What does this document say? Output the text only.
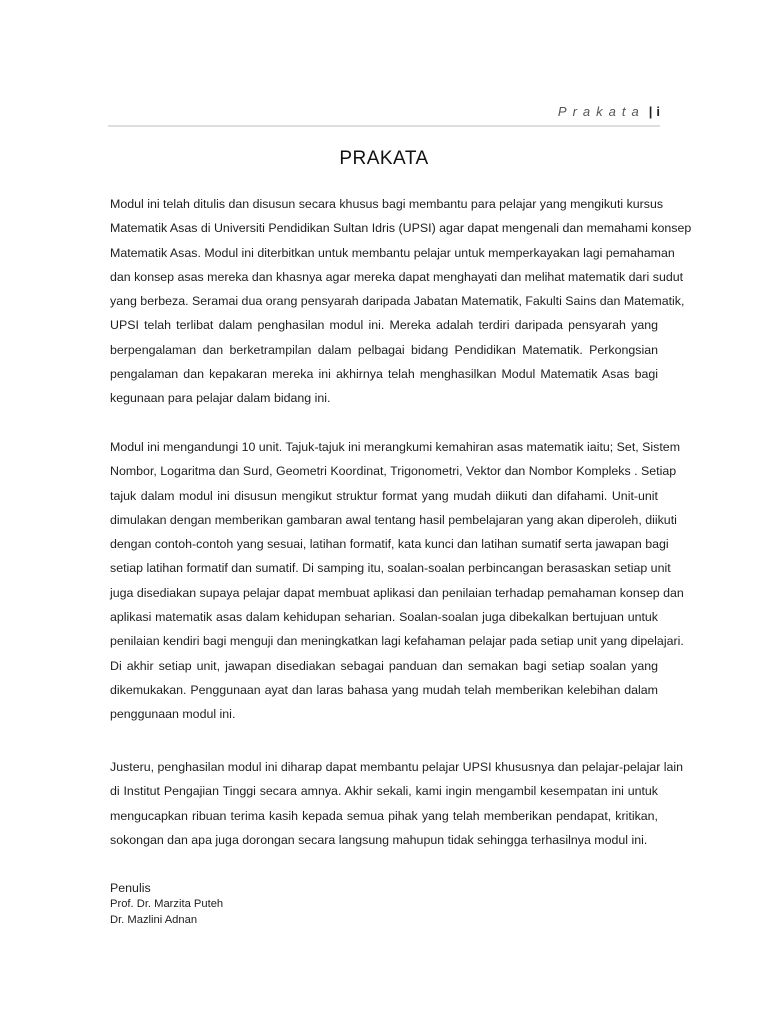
Prakata | i
PRAKATA
Modul ini telah ditulis dan disusun secara khusus bagi membantu para pelajar yang mengikuti kursus
Matematik Asas di Universiti Pendidikan Sultan Idris (UPSI) agar dapat mengenali dan memahami konsep
Matematik Asas. Modul ini diterbitkan untuk membantu pelajar untuk memperkayakan lagi pemahaman
dan konsep asas mereka dan khasnya agar mereka dapat menghayati dan melihat matematik dari sudut
yang berbeza. Seramai dua orang pensyarah daripada Jabatan Matematik, Fakulti Sains dan Matematik,
UPSI telah terlibat dalam penghasilan modul ini. Mereka adalah terdiri daripada pensyarah yang
berpengalaman dan berketrampilan dalam pelbagai bidang Pendidikan Matematik. Perkongsian
pengalaman dan kepakaran mereka ini akhirnya telah menghasilkan Modul Matematik Asas bagi
kegunaan para pelajar dalam bidang ini.
Modul ini mengandungi 10 unit. Tajuk-tajuk ini merangkumi kemahiran asas matematik iaitu; Set, Sistem
Nombor, Logaritma dan Surd, Geometri Koordinat, Trigonometri, Vektor dan Nombor Kompleks . Setiap
tajuk dalam modul ini disusun mengikut struktur format yang mudah diikuti dan difahami. Unit-unit
dimulakan dengan memberikan gambaran awal tentang hasil pembelajaran yang akan diperoleh, diikuti
dengan contoh-contoh yang sesuai, latihan formatif, kata kunci dan latihan sumatif serta jawapan bagi
setiap latihan formatif dan sumatif. Di samping itu, soalan-soalan perbincangan berasaskan setiap unit
juga disediakan supaya pelajar dapat membuat aplikasi dan penilaian terhadap pemahaman konsep dan
aplikasi matematik asas dalam kehidupan seharian. Soalan-soalan juga dibekalkan bertujuan untuk
penilaian kendiri bagi menguji dan meningkatkan lagi kefahaman pelajar pada setiap unit yang dipelajari.
Di akhir setiap unit, jawapan disediakan sebagai panduan dan semakan bagi setiap soalan yang
dikemukakan. Penggunaan ayat dan laras bahasa yang mudah telah memberikan kelebihan dalam
penggunaan modul ini.
Justeru, penghasilan modul ini diharap dapat membantu pelajar UPSI khususnya dan pelajar-pelajar lain
di Institut Pengajian Tinggi secara amnya. Akhir sekali, kami ingin mengambil kesempatan ini untuk
mengucapkan ribuan terima kasih kepada semua pihak yang telah memberikan pendapat, kritikan,
sokongan dan apa juga dorongan secara langsung mahupun tidak sehingga terhasilnya modul ini.
Penulis
Prof. Dr. Marzita Puteh
Dr. Mazlini Adnan
